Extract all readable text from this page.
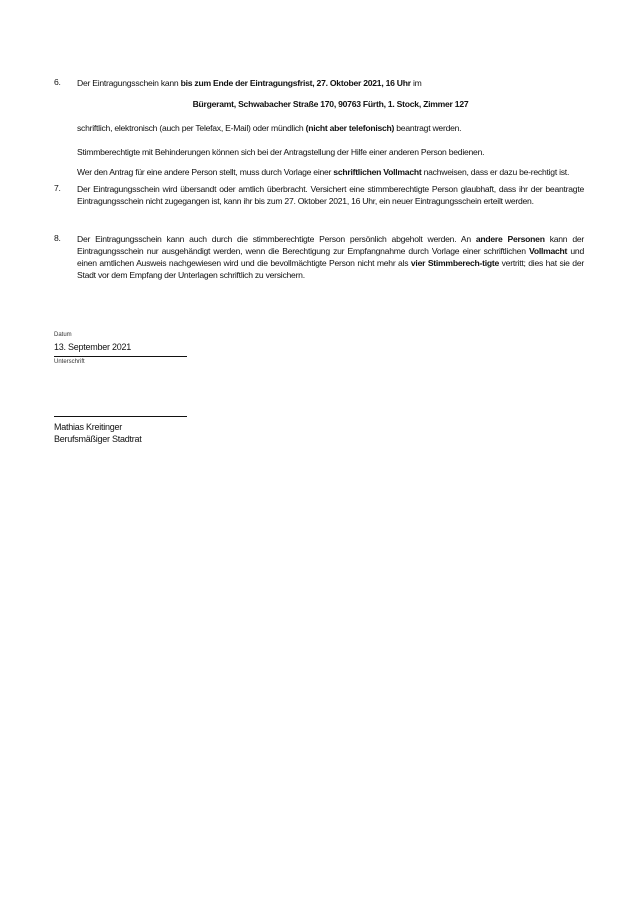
6. Der Eintragungsschein kann bis zum Ende der Eintragungsfrist, 27. Oktober 2021, 16 Uhr im
Bürgeramt, Schwabacher Straße 170, 90763 Fürth, 1. Stock, Zimmer 127
schriftlich, elektronisch (auch per Telefax, E-Mail) oder mündlich (nicht aber telefonisch) beantragt werden.
Stimmberechtigte mit Behinderungen können sich bei der Antragstellung der Hilfe einer anderen Person bedienen.
Wer den Antrag für eine andere Person stellt, muss durch Vorlage einer schriftlichen Vollmacht nachweisen, dass er dazu be-rechtigt ist.
7. Der Eintragungsschein wird übersandt oder amtlich überbracht. Versichert eine stimmberechtigte Person glaubhaft, dass ihr der beantragte Eintragungsschein nicht zugegangen ist, kann ihr bis zum 27. Oktober 2021, 16 Uhr, ein neuer Eintragungsschein erteilt werden.
8. Der Eintragungsschein kann auch durch die stimmberechtigte Person persönlich abgeholt werden. An andere Personen kann der Eintragungsschein nur ausgehändigt werden, wenn die Berechtigung zur Empfangnahme durch Vorlage einer schriftlichen Vollmacht und einen amtlichen Ausweis nachgewiesen wird und die bevollmächtigte Person nicht mehr als vier Stimmberech-tigte vertritt; dies hat sie der Stadt vor dem Empfang der Unterlagen schriftlich zu versichern.
Datum
13. September 2021
Unterschrift
Mathias Kreitinger
Berufsmäßiger Stadtrat
